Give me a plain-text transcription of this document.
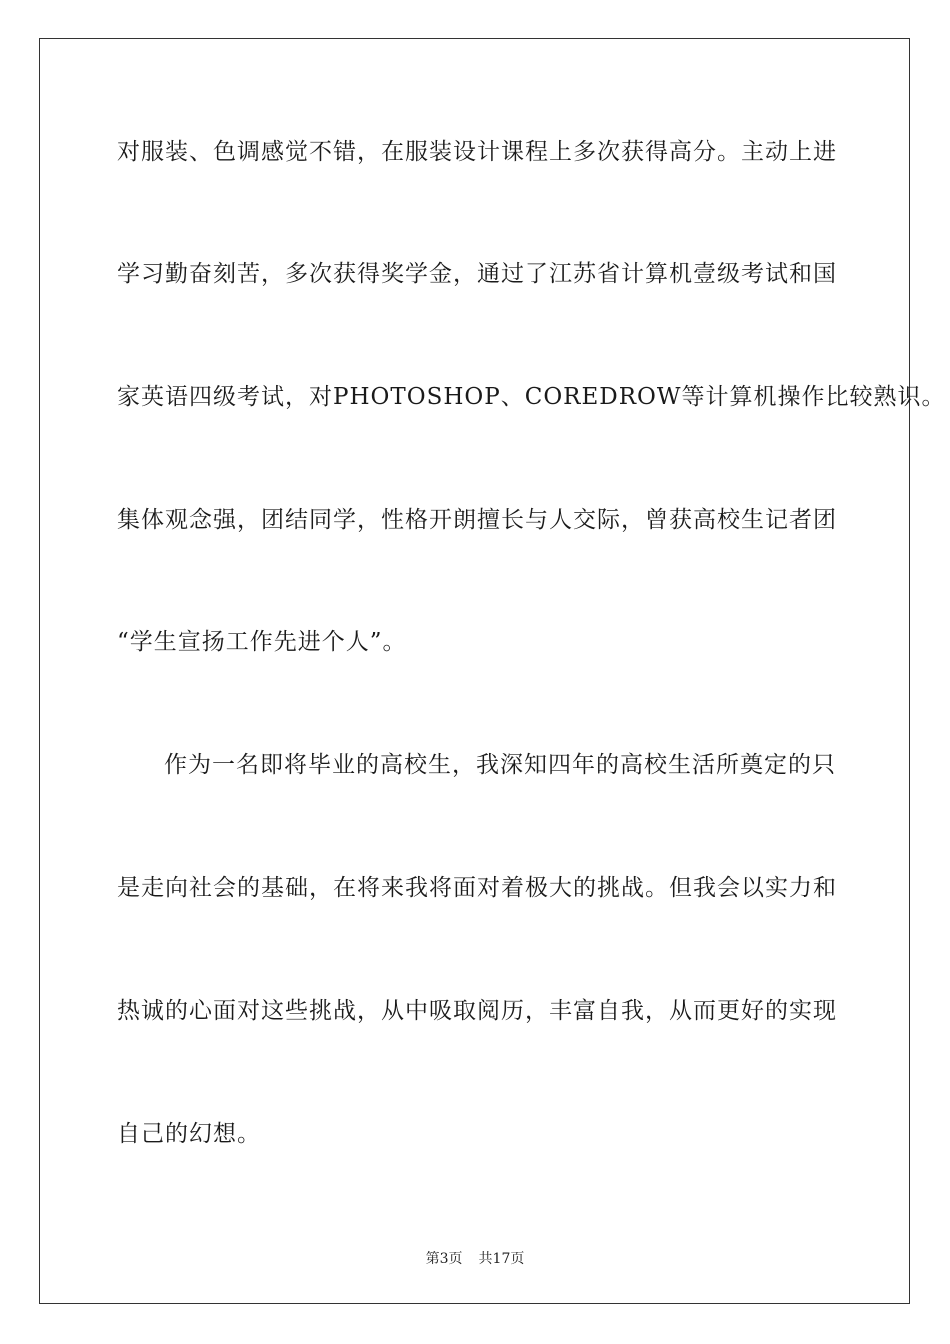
对服装、色调感觉不错，在服装设计课程上多次获得高分。主动上进
学习勤奋刻苦，多次获得奖学金，通过了江苏省计算机壹级考试和国
家英语四级考试，对PHOTOSHOP、COREDROW等计算机操作比较熟识。
集体观念强，团结同学，性格开朗擅长与人交际，曾获高校生记者团
“学生宣扬工作先进个人”。
作为一名即将毕业的高校生，我深知四年的高校生活所奠定的只
是走向社会的基础，在将来我将面对着极大的挑战。但我会以实力和
热诚的心面对这些挑战，从中吸取阅历，丰富自我，从而更好的实现
自己的幻想。
第3页 共17页
